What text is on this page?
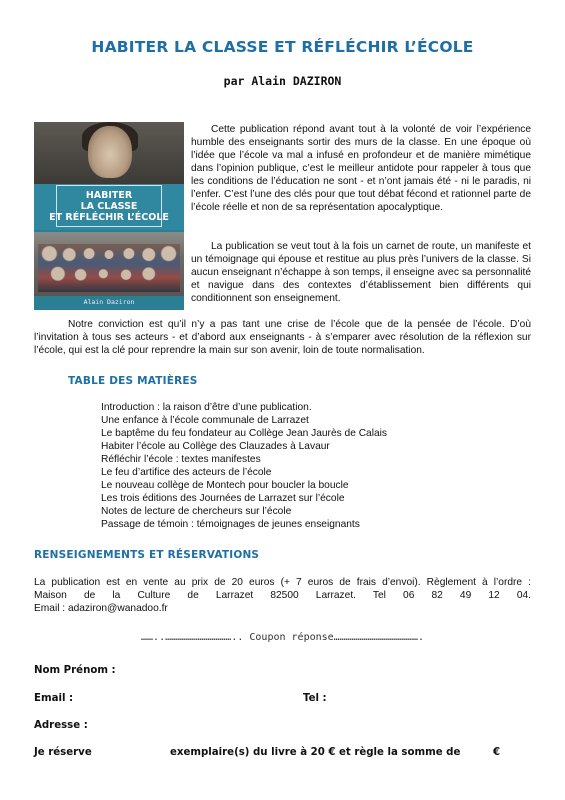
HABITER LA CLASSE ET RÉFLÉCHIR L’ÉCOLE
par Alain DAZIRON
HABITER
LA CLASSE
ET RÉFLÉCHIR L’ÉCOLE
Alain Daziron

Cette publication répond avant tout à la volonté de voir l’expérience humble des enseignants sortir des murs de la classe. En une époque où l’idée que l’école va mal a infusé en profondeur et de manière mimétique dans l’opinion publique, c’est le meilleur antidote pour rappeler à tous que les conditions de l’éducation ne sont - et n’ont jamais été - ni le paradis, ni l’enfer. C’est l’une des clés pour que tout débat fécond et rationnel parte de l’école réelle et non de sa représentation apocalyptique.

La publication se veut tout à la fois un carnet de route, un manifeste et un témoignage qui épouse et restitue au plus près l’univers de la classe. Si aucun enseignant n’échappe à son temps, il enseigne avec sa personnalité et navigue dans des contextes d’établissement bien différents qui conditionnent son enseignement.

Notre conviction est qu’il n’y a pas tant une crise de l’école que de la pensée de l’école. D’où l’invitation à tous ses acteurs - et d’abord aux enseignants - à s’emparer avec résolution de la réflexion sur l’école, qui est la clé pour reprendre la main sur son avenir, loin de toute normalisation.

TABLE DES MATIÈRES
Introduction : la raison d’être d’une publication.
Une enfance à l’école communale de Larrazet
Le baptême du feu fondateur au Collège Jean Jaurès de Calais
Habiter l’école au Collège des Clauzades à Lavaur
Réfléchir l’école : textes manifestes
Le feu d’artifice des acteurs de l’école
Le nouveau collège de Montech pour boucler la boucle
Les trois éditions des Journées de Larrazet sur l’école
Notes de lecture de chercheurs sur l’école
Passage de témoin : témoignages de jeunes enseignants
RENSEIGNEMENTS ET RÉSERVATIONS
La publication est en vente au prix de 20 euros (+ 7 euros de frais d’envoi). Règlement à l’ordre :
Maison de la Culture de Larrazet 82500 Larrazet. Tel 06 82 49 12 04.
Email : adaziron@wanadoo.fr
……..…………………………….. Coupon réponse…………………………………….
Nom Prénom :
Email :	Tel :
Adresse :
Je réserve	exemplaire(s) du livre à 20 € et règle la somme de	€
